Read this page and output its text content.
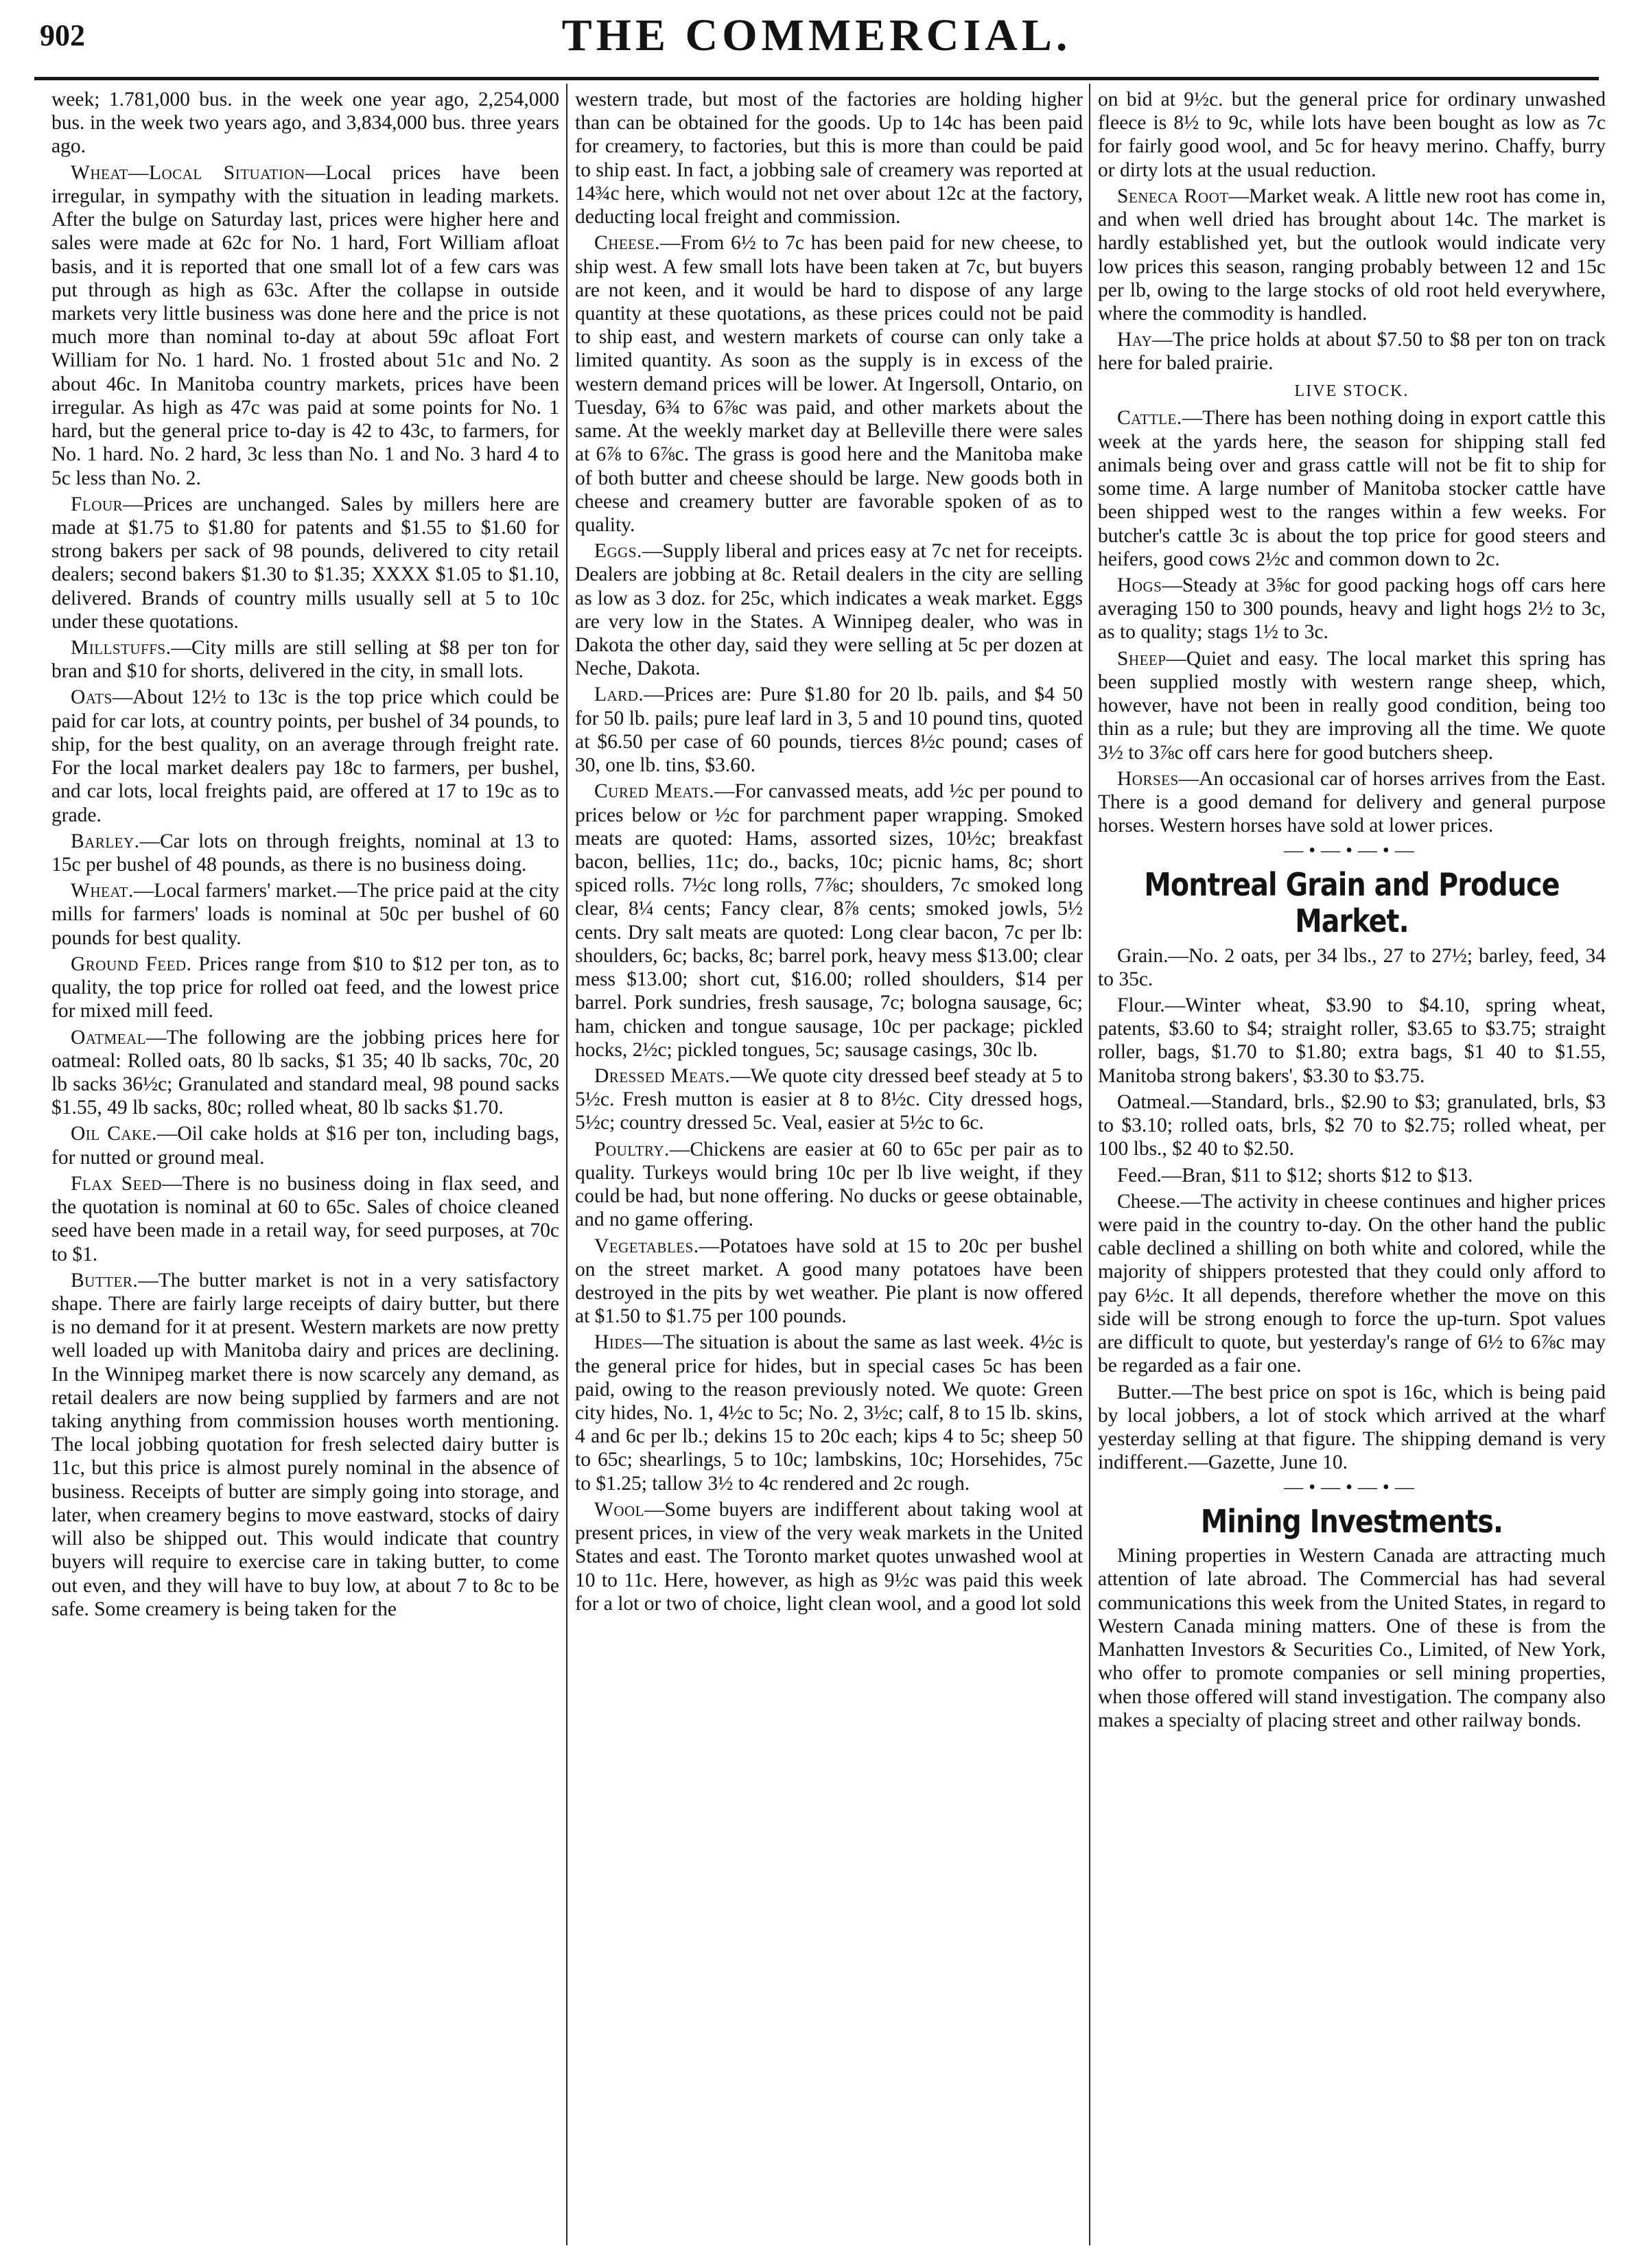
902	THE COMMERCIAL.

week; 1.781,000 bus. in the week one year ago, 2,254,000 bus. in the week two years ago, and 3,834,000 bus. three years ago.

Wheat—Local Situation—Local prices have been irregular, in sympathy with the situation in leading markets. After the bulge on Saturday last, prices were higher here and sales were made at 62c for No. 1 hard, Fort William afloat basis, and it is reported that one small lot of a few cars was put through as high as 63c. After the collapse in outside markets very little business was done here and the price is not much more than nominal to-day at about 59c afloat Fort William for No. 1 hard. No. 1 frosted about 51c and No. 2 about 46c. In Manitoba country markets, prices have been irregular. As high as 47c was paid at some points for No. 1 hard, but the general price to-day is 42 to 43c, to farmers, for No. 1 hard. No. 2 hard, 3c less than No. 1 and No. 3 hard 4 to 5c less than No. 2.

Flour—Prices are unchanged. Sales by millers here are made at $1.75 to $1.80 for patents and $1.55 to $1.60 for strong bakers per sack of 98 pounds, delivered to city retail dealers; second bakers $1.30 to $1.35; XXXX $1.05 to $1.10, delivered. Brands of country mills usually sell at 5 to 10c under these quotations.

Millstuffs.—City mills are still selling at $8 per ton for bran and $10 for shorts, delivered in the city, in small lots.

Oats—About 12½ to 13c is the top price which could be paid for car lots, at country points, per bushel of 34 pounds, to ship, for the best quality, on an average through freight rate. For the local market dealers pay 18c to farmers, per bushel, and car lots, local freights paid, are offered at 17 to 19c as to grade.

Barley.—Car lots on through freights, nominal at 13 to 15c per bushel of 48 pounds, as there is no business doing.

Wheat.—Local farmers' market.—The price paid at the city mills for farmers' loads is nominal at 50c per bushel of 60 pounds for best quality.

Ground Feed. Prices range from $10 to $12 per ton, as to quality, the top price for rolled oat feed, and the lowest price for mixed mill feed.

Oatmeal—The following are the jobbing prices here for oatmeal: Rolled oats, 80 lb sacks, $1 35; 40 lb sacks, 70c, 20 lb sacks 36½c; Granulated and standard meal, 98 pound sacks $1.55, 49 lb sacks, 80c; rolled wheat, 80 lb sacks $1.70.

Oil Cake.—Oil cake holds at $16 per ton, including bags, for nutted or ground meal.

Flax Seed—There is no business doing in flax seed, and the quotation is nominal at 60 to 65c. Sales of choice cleaned seed have been made in a retail way, for seed purposes, at 70c to $1.

Butter.—The butter market is not in a very satisfactory shape. There are fairly large receipts of dairy butter, but there is no demand for it at present. Western markets are now pretty well loaded up with Manitoba dairy and prices are declining. In the Winnipeg market there is now scarcely any demand, as retail dealers are now being supplied by farmers and are not taking anything from commission houses worth mentioning. The local jobbing quotation for fresh selected dairy butter is 11c, but this price is almost purely nominal in the absence of business. Receipts of butter are simply going into storage, and later, when creamery begins to move eastward, stocks of dairy will also be shipped out. This would indicate that country buyers will require to exercise care in taking butter, to come out even, and they will have to buy low, at about 7 to 8c to be safe. Some creamery is being taken for the

western trade, but most of the factories are holding higher than can be obtained for the goods. Up to 14c has been paid for creamery, to factories, but this is more than could be paid to ship east. In fact, a jobbing sale of creamery was reported at 14¾c here, which would not net over about 12c at the factory, deducting local freight and commission.

Cheese.—From 6½ to 7c has been paid for new cheese, to ship west. A few small lots have been taken at 7c, but buyers are not keen, and it would be hard to dispose of any large quantity at these quotations, as these prices could not be paid to ship east, and western markets of course can only take a limited quantity. As soon as the supply is in excess of the western demand prices will be lower. At Ingersoll, Ontario, on Tuesday, 6¾ to 6⅞c was paid, and other markets about the same. At the weekly market day at Belleville there were sales at 6⅞ to 6⅞c. The grass is good here and the Manitoba make of both butter and cheese should be large. New goods both in cheese and creamery butter are favorable spoken of as to quality.

Eggs.—Supply liberal and prices easy at 7c net for receipts. Dealers are jobbing at 8c. Retail dealers in the city are selling as low as 3 doz. for 25c, which indicates a weak market. Eggs are very low in the States. A Winnipeg dealer, who was in Dakota the other day, said they were selling at 5c per dozen at Neche, Dakota.

Lard.—Prices are: Pure $1.80 for 20 lb. pails, and $4 50 for 50 lb. pails; pure leaf lard in 3, 5 and 10 pound tins, quoted at $6.50 per case of 60 pounds, tierces 8½c pound; cases of 30, one lb. tins, $3.60.

Cured Meats.—For canvassed meats, add ½c per pound to prices below or ½c for parchment paper wrapping. Smoked meats are quoted: Hams, assorted sizes, 10½c; breakfast bacon, bellies, 11c; do., backs, 10c; picnic hams, 8c; short spiced rolls. 7½c long rolls, 7⅞c; shoulders, 7c smoked long clear, 8¼ cents; Fancy clear, 8⅞ cents; smoked jowls, 5½ cents. Dry salt meats are quoted: Long clear bacon, 7c per lb: shoulders, 6c; backs, 8c; barrel pork, heavy mess $13.00; clear mess $13.00; short cut, $16.00; rolled shoulders, $14 per barrel. Pork sundries, fresh sausage, 7c; bologna sausage, 6c; ham, chicken and tongue sausage, 10c per package; pickled hocks, 2½c; pickled tongues, 5c; sausage casings, 30c lb.

Dressed Meats.—We quote city dressed beef steady at 5 to 5½c. Fresh mutton is easier at 8 to 8½c. City dressed hogs, 5½c; country dressed 5c. Veal, easier at 5½c to 6c.

Poultry.—Chickens are easier at 60 to 65c per pair as to quality. Turkeys would bring 10c per lb live weight, if they could be had, but none offering. No ducks or geese obtainable, and no game offering.

Vegetables.—Potatoes have sold at 15 to 20c per bushel on the street market. A good many potatoes have been destroyed in the pits by wet weather. Pie plant is now offered at $1.50 to $1.75 per 100 pounds.

Hides—The situation is about the same as last week. 4½c is the general price for hides, but in special cases 5c has been paid, owing to the reason previously noted. We quote: Green city hides, No. 1, 4½c to 5c; No. 2, 3½c; calf, 8 to 15 lb. skins, 4 and 6c per lb.; dekins 15 to 20c each; kips 4 to 5c; sheep 50 to 65c; shearlings, 5 to 10c; lambskins, 10c; Horsehides, 75c to $1.25; tallow 3½ to 4c rendered and 2c rough.

Wool—Some buyers are indifferent about taking wool at present prices, in view of the very weak markets in the United States and east. The Toronto market quotes unwashed wool at 10 to 11c. Here, however, as high as 9½c was paid this week for a lot or two of choice, light clean wool, and a good lot sold

on bid at 9½c. but the general price for ordinary unwashed fleece is 8½ to 9c, while lots have been bought as low as 7c for fairly good wool, and 5c for heavy merino. Chaffy, burry or dirty lots at the usual reduction.

Seneca Root—Market weak. A little new root has come in, and when well dried has brought about 14c. The market is hardly established yet, but the outlook would indicate very low prices this season, ranging probably between 12 and 15c per lb, owing to the large stocks of old root held everywhere, where the commodity is handled.

Hay—The price holds at about $7.50 to $8 per ton on track here for baled prairie.

LIVE STOCK.

Cattle.—There has been nothing doing in export cattle this week at the yards here, the season for shipping stall fed animals being over and grass cattle will not be fit to ship for some time. A large number of Manitoba stocker cattle have been shipped west to the ranges within a few weeks. For butcher's cattle 3c is about the top price for good steers and heifers, good cows 2½c and common down to 2c.

Hogs—Steady at 3⅝c for good packing hogs off cars here averaging 150 to 300 pounds, heavy and light hogs 2½ to 3c, as to quality; stags 1½ to 3c.

Sheep—Quiet and easy. The local market this spring has been supplied mostly with western range sheep, which, however, have not been in really good condition, being too thin as a rule; but they are improving all the time. We quote 3½ to 3⅞c off cars here for good butchers sheep.

Horses—An occasional car of horses arrives from the East. There is a good demand for delivery and general purpose horses. Western horses have sold at lower prices.

—•—•—•—
Montreal Grain and Produce Market.

Grain.—No. 2 oats, per 34 lbs., 27 to 27½; barley, feed, 34 to 35c.

Flour.—Winter wheat, $3.90 to $4.10, spring wheat, patents, $3.60 to $4; straight roller, $3.65 to $3.75; straight roller, bags, $1.70 to $1.80; extra bags, $1 40 to $1.55, Manitoba strong bakers', $3.30 to $3.75.

Oatmeal.—Standard, brls., $2.90 to $3; granulated, brls, $3 to $3.10; rolled oats, brls, $2 70 to $2.75; rolled wheat, per 100 lbs., $2 40 to $2.50.

Feed.—Bran, $11 to $12; shorts $12 to $13.

Cheese.—The activity in cheese continues and higher prices were paid in the country to-day. On the other hand the public cable declined a shilling on both white and colored, while the majority of shippers protested that they could only afford to pay 6½c. It all depends, therefore whether the move on this side will be strong enough to force the up-turn. Spot values are difficult to quote, but yesterday's range of 6½ to 6⅞c may be regarded as a fair one.

Butter.—The best price on spot is 16c, which is being paid by local jobbers, a lot of stock which arrived at the wharf yesterday selling at that figure. The shipping demand is very indifferent.—Gazette, June 10.

—•—•—•—
Mining Investments.

Mining properties in Western Canada are attracting much attention of late abroad. The Commercial has had several communications this week from the United States, in regard to Western Canada mining matters. One of these is from the Manhatten Investors & Securities Co., Limited, of New York, who offer to promote companies or sell mining properties, when those offered will stand investigation. The company also makes a specialty of placing street and other railway bonds.
